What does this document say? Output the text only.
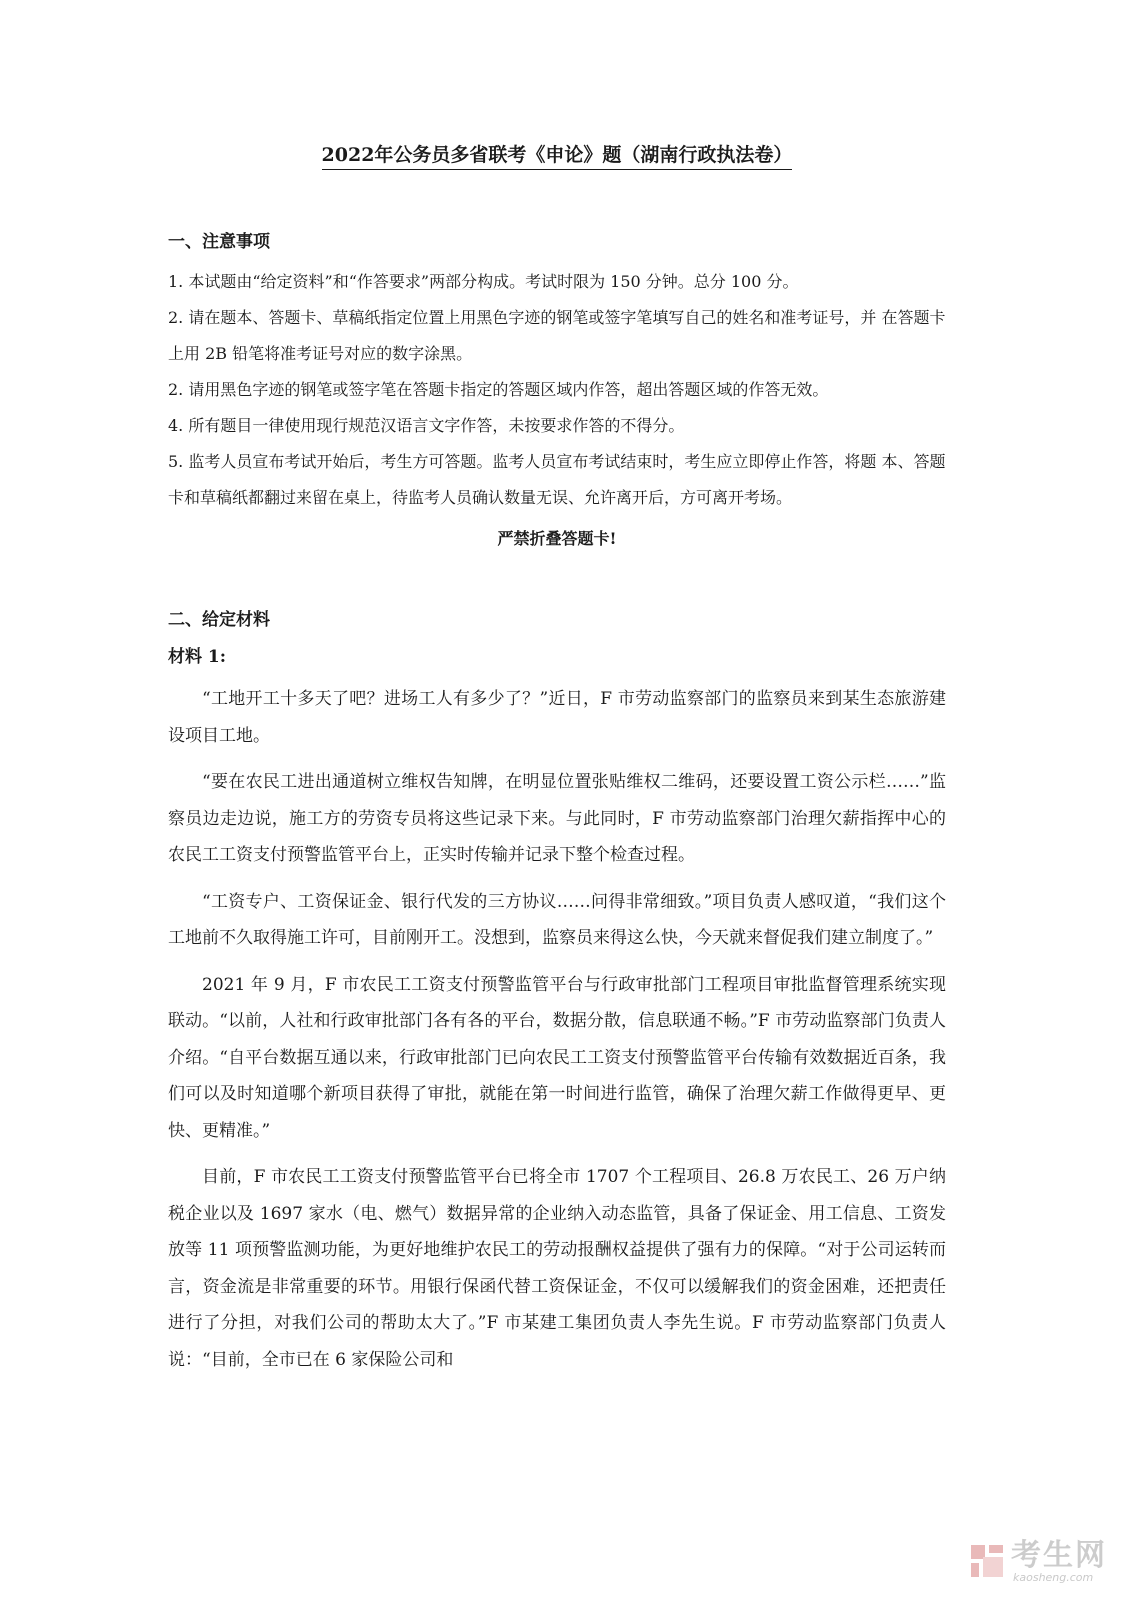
2022年公务员多省联考《申论》题（湖南行政执法卷）
一、注意事项

1. 本试题由“给定资料”和“作答要求”两部分构成。考试时限为 150 分钟。总分 100 分。

2. 请在题本、答题卡、草稿纸指定位置上用黑色字迹的钢笔或签字笔填写自己的姓名和准考证号，并 在答题卡上用 2B 铅笔将准考证号对应的数字涂黑。

2. 请用黑色字迹的钢笔或签字笔在答题卡指定的答题区域内作答，超出答题区域的作答无效。

4. 所有题目一律使用现行规范汉语言文字作答，未按要求作答的不得分。

5. 监考人员宣布考试开始后，考生方可答题。监考人员宣布考试结束时，考生应立即停止作答，将题 本、答题卡和草稿纸都翻过来留在桌上，待监考人员确认数量无误、允许离开后，方可离开考场。

严禁折叠答题卡!
二、给定材料
材料 1:

“工地开工十多天了吧？进场工人有多少了？”近日，F 市劳动监察部门的监察员来到某生态旅游建设项目工地。

“要在农民工进出通道树立维权告知牌，在明显位置张贴维权二维码，还要设置工资公示栏……”监察员边走边说，施工方的劳资专员将这些记录下来。与此同时，F 市劳动监察部门治理欠薪指挥中心的农民工工资支付预警监管平台上，正实时传输并记录下整个检查过程。

“工资专户、工资保证金、银行代发的三方协议……问得非常细致。”项目负责人感叹道，“我们这个工地前不久取得施工许可，目前刚开工。没想到，监察员来得这么快，今天就来督促我们建立制度了。”

2021 年 9 月，F 市农民工工资支付预警监管平台与行政审批部门工程项目审批监督管理系统实现联动。“以前，人社和行政审批部门各有各的平台，数据分散，信息联通不畅。”F 市劳动监察部门负责人介绍。“自平台数据互通以来，行政审批部门已向农民工工资支付预警监管平台传输有效数据近百条，我们可以及时知道哪个新项目获得了审批，就能在第一时间进行监管，确保了治理欠薪工作做得更早、更快、更精准。”

目前，F 市农民工工资支付预警监管平台已将全市 1707 个工程项目、26.8 万农民工、26 万户纳税企业以及 1697 家水（电、燃气）数据异常的企业纳入动态监管，具备了保证金、用工信息、工资发放等 11 项预警监测功能，为更好地维护农民工的劳动报酬权益提供了强有力的保障。“对于公司运转而言，资金流是非常重要的环节。用银行保函代替工资保证金，不仅可以缓解我们的资金困难，还把责任进行了分担，对我们公司的帮助太大了。”F 市某建工集团负责人李先生说。F 市劳动监察部门负责人说：“目前，全市已在 6 家保险公司和

考生网
kaosheng.com
